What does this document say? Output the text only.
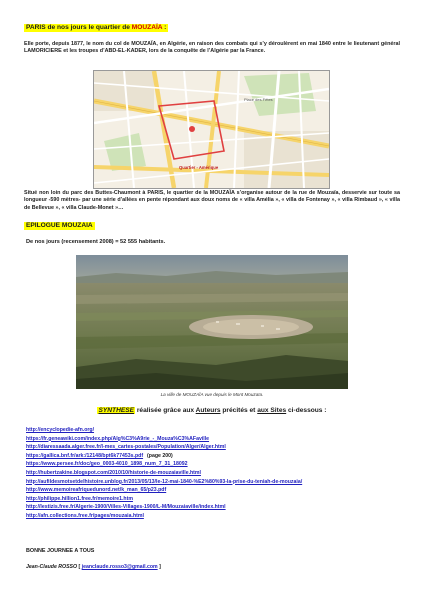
PARIS de nos jours le quartier de MOUZAÏA :
Elle porte, depuis 1877, le nom du col de MOUZAÏA, en Algérie, en raison des combats qui s’y déroulèrent en mai 1840 entre le lieutenant général LAMORICIERE et les troupes d’ABD-EL-KADER, lors de la conquête de l’Algérie par la France.
Place des Fêtes
Quartier - Amérique
Situé non loin du parc des Buttes-Chaumont à PARIS, le quartier de la MOUZAÏA s’organise autour de la rue de Mouzaïa, desservie sur toute sa longueur -590 mètres- par une série d’allées en pente répondant aux doux noms de « villa Amélia », « villa de Fontenay », « villa Rimbaud », « villa de Bellevue », « villa Claude-Monet »…
EPILOGUE MOUZAIA
De nos jours (recensement 2008) = 52 555 habitants.
La ville de MOUZAÏA vue depuis le Mont Mouzaïa.
SYNTHESE réalisée grâce aux Auteurs précités et aux Sites ci-dessous :
http://encyclopedie-afn.org/
https://fr.geneawiki.com/index.php/Alg%C3%A9rie_-_Mouza%C3%AFaville
http://diaressaada.alger.free.fr/l-mes_cartes-postales/Population/Alger/Alger.html
https://gallica.bnf.fr/ark:/12148/bpt6k77453s.pdf (page 200)
https://www.persee.fr/doc/geo_0003-4010_1898_num_7_31_18092
http://hubertzakine.blogspot.com/2010/10/historie-de-mouzaiaville.html
http://aufildesmotsetdelhistoire.unblog.fr/2013/05/13/le-12-mai-1840-%E2%80%93-la-prise-du-teniah-de-mouzaia/
http://www.memoireafriquedunord.net/k_man_65/p23.pdf
http://philippe.hillion1.free.fr/memoire1.htm
http://lestizis.free.fr/Algerie-1900/Villes-Villages-1900/L-M/Mouzaiaville/index.html
http://afn.collections.free.fr/pages/mouzaia.html
BONNE JOURNEE A TOUS
Jean-Claude ROSSO [ jeanclaude.rosso3@gmail.com ]
